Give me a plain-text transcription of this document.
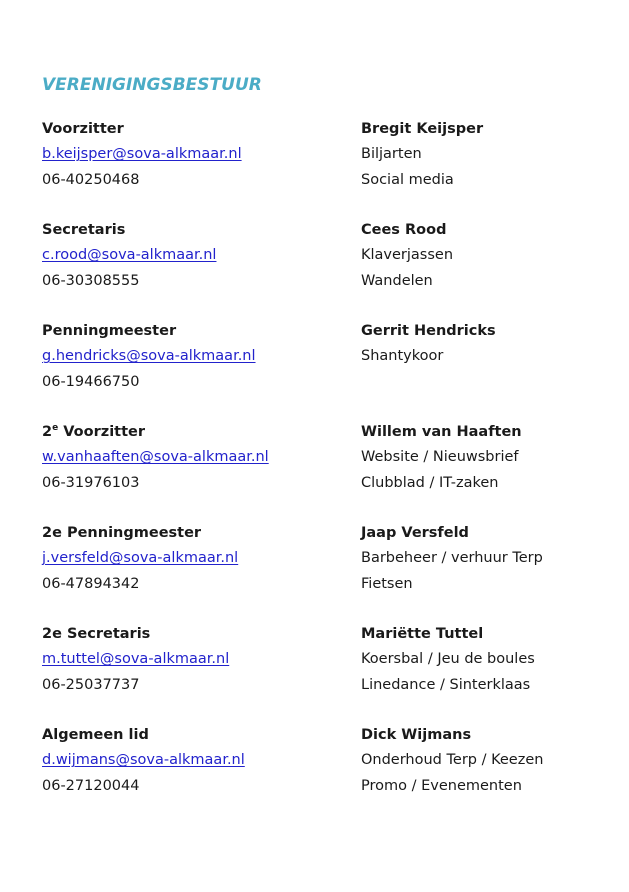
VERENIGINGSBESTUUR
Voorzitter
b.keijsper@sova-alkmaar.nl
06-40250468
Bregit Keijsper
Biljarten
Social media
Secretaris
c.rood@sova-alkmaar.nl
06-30308555
Cees Rood
Klaverjassen
Wandelen
Penningmeester
g.hendricks@sova-alkmaar.nl
06-19466750
Gerrit Hendricks
Shantykoor
2e Voorzitter
w.vanhaaften@sova-alkmaar.nl
06-31976103
Willem van Haaften
Website / Nieuwsbrief
Clubblad / IT-zaken
2e Penningmeester
j.versfeld@sova-alkmaar.nl
06-47894342
Jaap Versfeld
Barbeheer / verhuur Terp
Fietsen
2e Secretaris
m.tuttel@sova-alkmaar.nl
06-25037737
Mariëtte Tuttel
Koersbal / Jeu de boules
Linedance / Sinterklaas
Algemeen lid
d.wijmans@sova-alkmaar.nl
06-27120044
Dick Wijmans
Onderhoud Terp / Keezen
Promo / Evenementen
